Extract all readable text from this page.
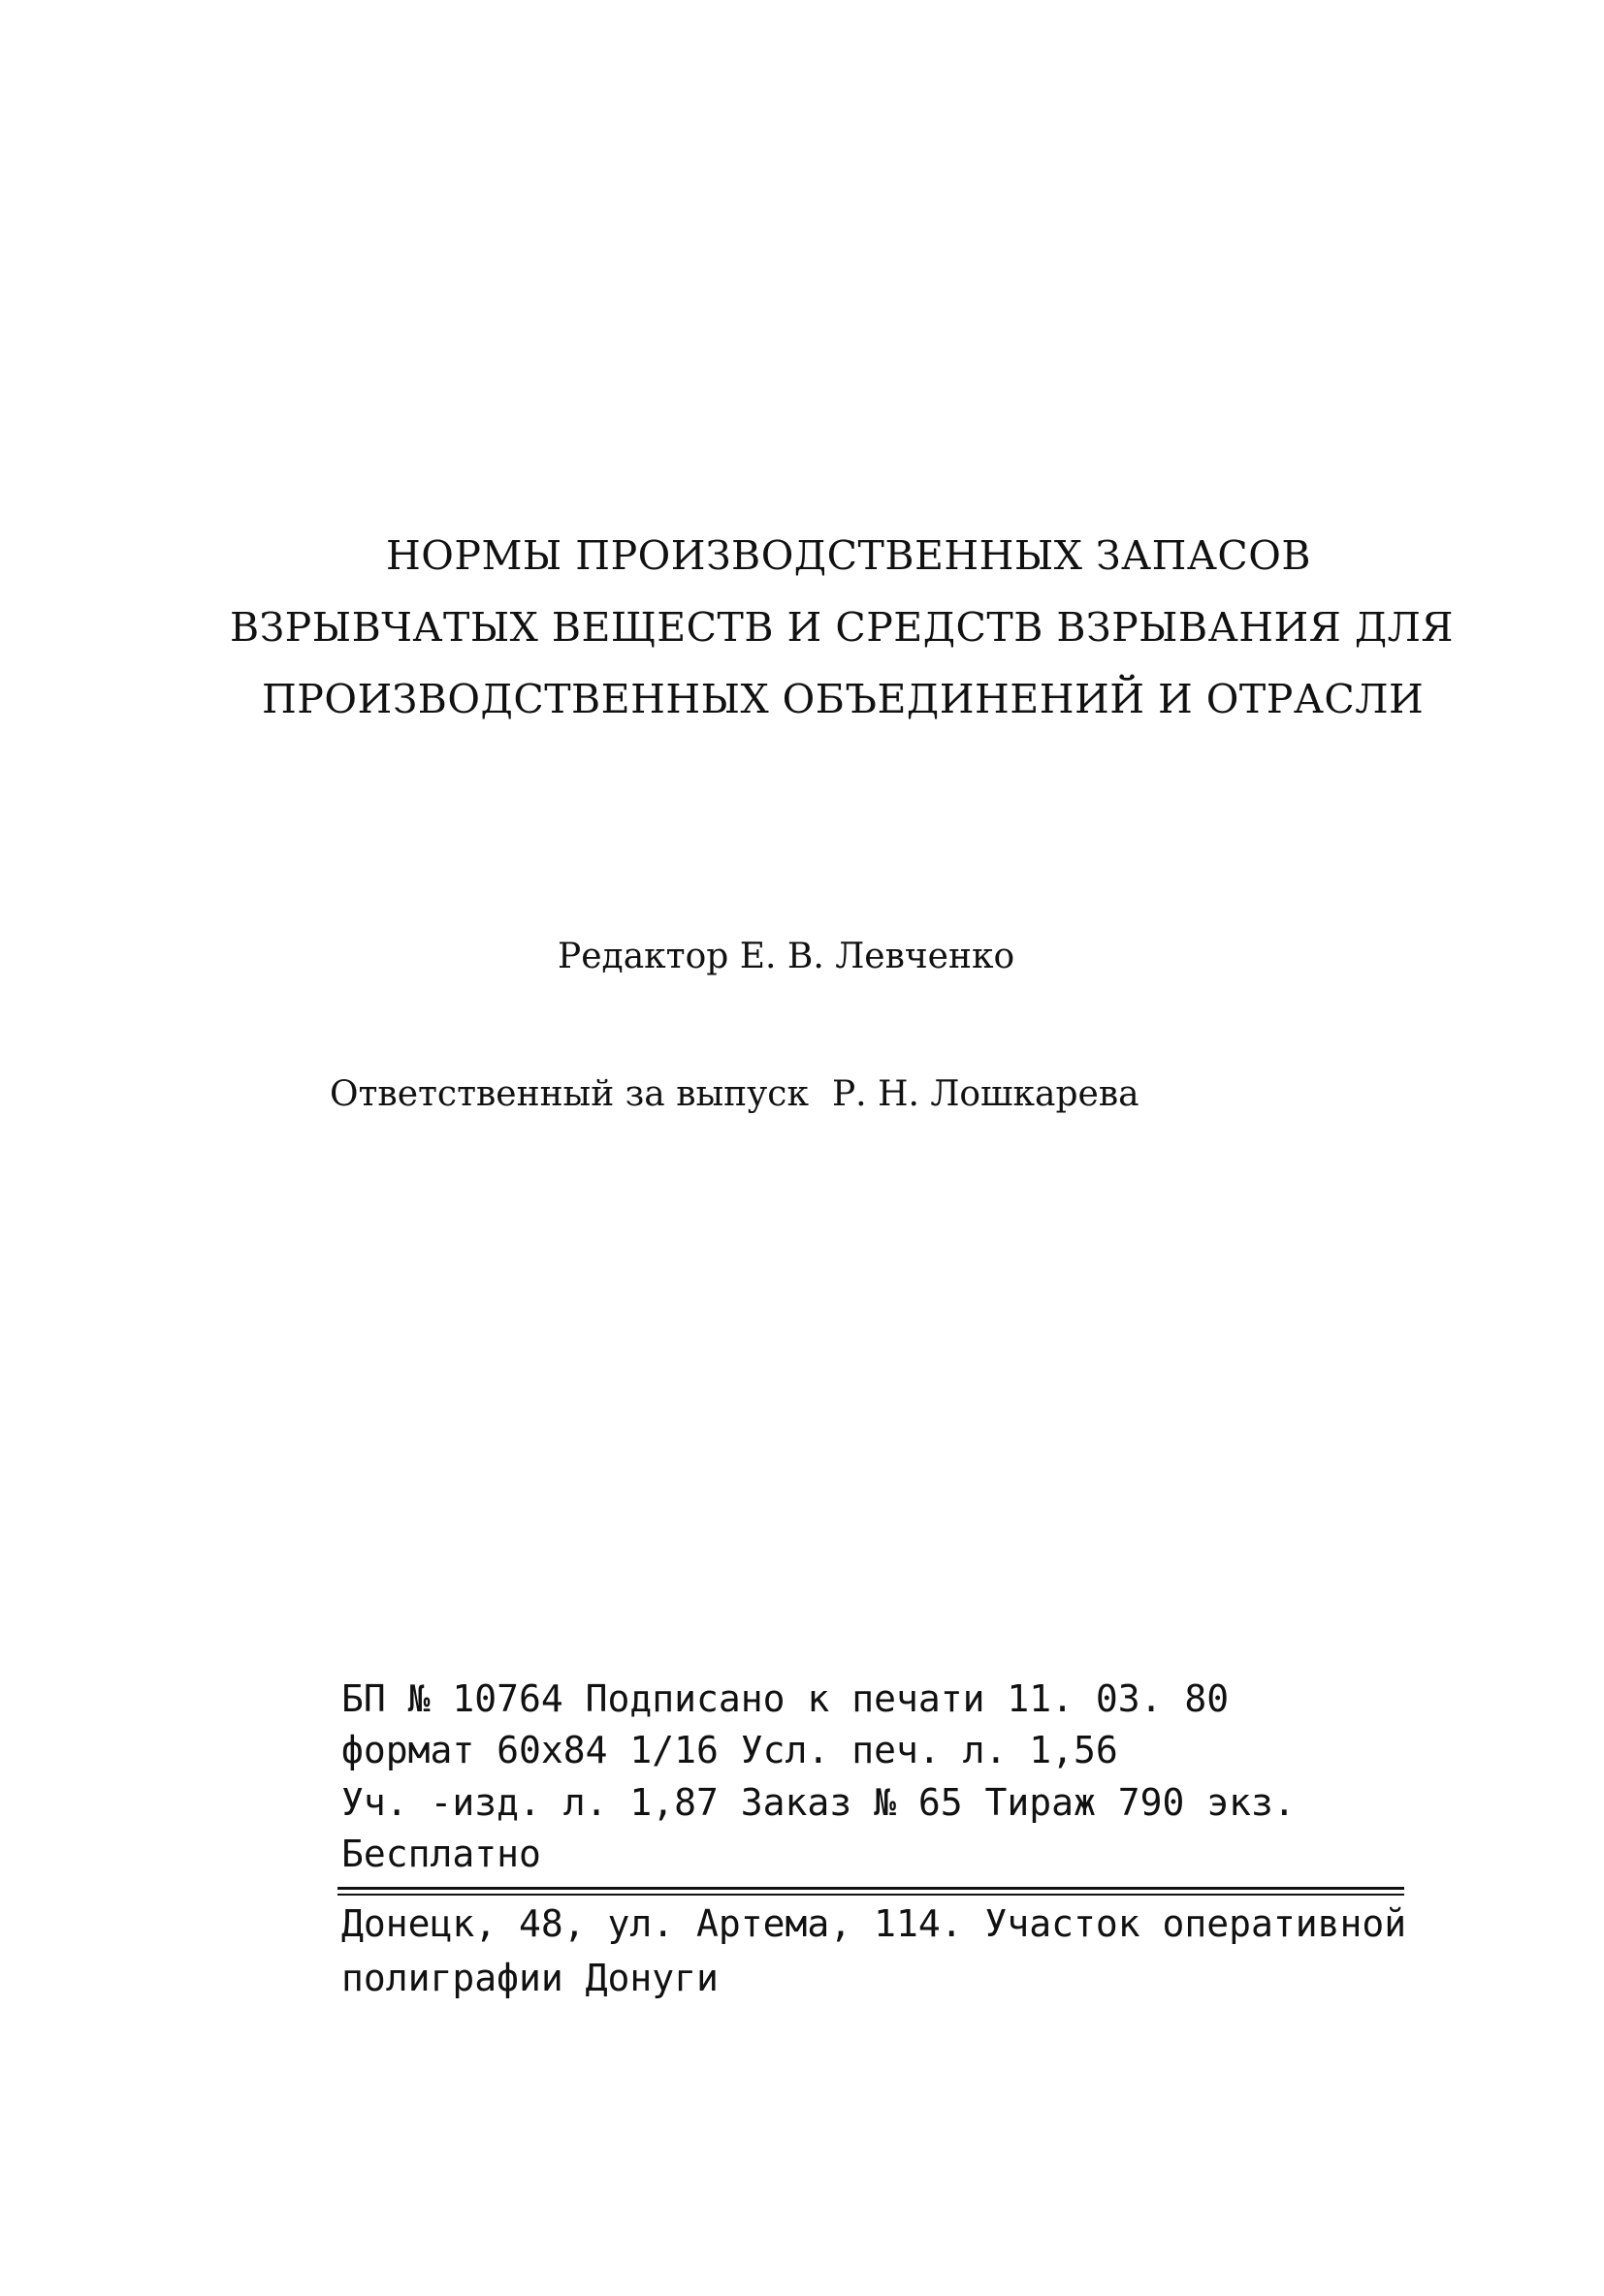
НОРМЫ ПРОИЗВОДСТВЕННЫХ ЗАПАСОВ
ВЗРЫВЧАТЫХ ВЕЩЕСТВ И СРЕДСТВ ВЗРЫВАНИЯ ДЛЯ
ПРОИЗВОДСТВЕННЫХ ОБЪЕДИНЕНИЙ И ОТРАСЛИ
Редактор Е. В. Левченко
Ответственный за выпуск Р. Н. Лошкарева
БП № 10764 Подписано к печати 11. 03. 80
формат 60х84 1/16 Усл. печ. л. 1,56
Уч. -изд. л. 1,87 Заказ № 65 Тираж 790 экз.
Бесплатно
Донецк, 48, ул. Артема, 114. Участок оперативной
полиграфии Донуги
